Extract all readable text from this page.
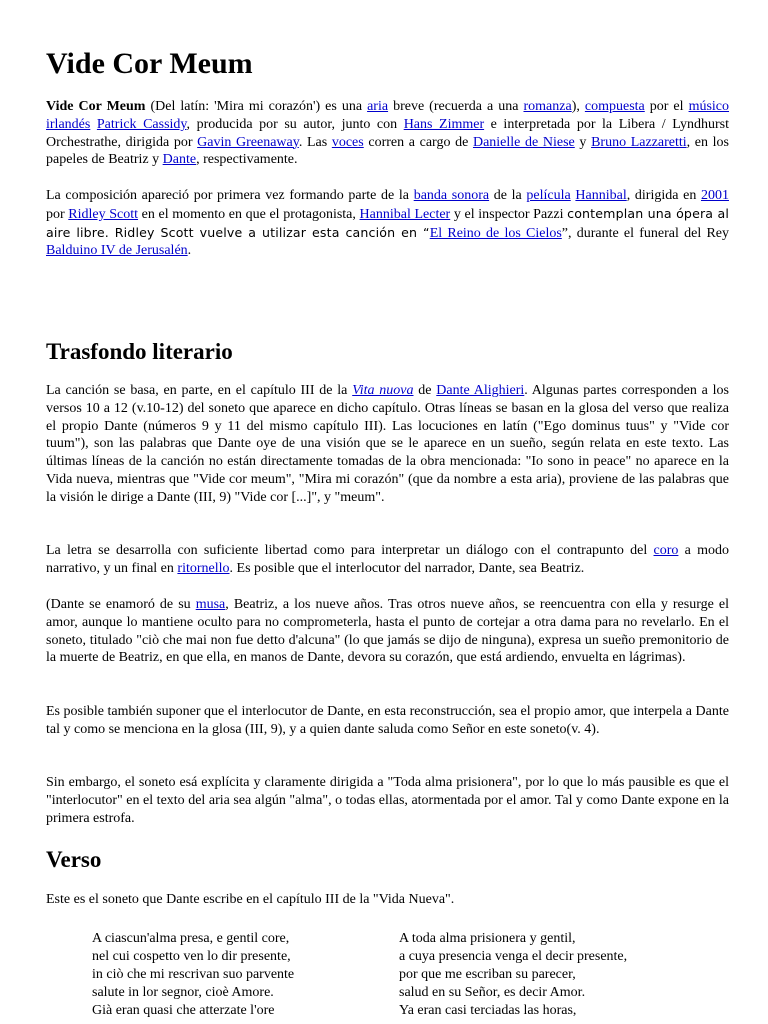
Vide Cor Meum

Vide Cor Meum (Del latín: 'Mira mi corazón') es una aria breve (recuerda a una romanza), compuesta por el músico irlandés Patrick Cassidy, producida por su autor, junto con Hans Zimmer e interpretada por la Libera / Lyndhurst Orchestrathe, dirigida por Gavin Greenaway. Las voces corren a cargo de Danielle de Niese y Bruno Lazzaretti, en los papeles de Beatriz y Dante, respectivamente.

La composición apareció por primera vez formando parte de la banda sonora de la película Hannibal, dirigida en 2001 por Ridley Scott en el momento en que el protagonista, Hannibal Lecter y el inspector Pazzi contemplan una ópera al aire libre. Ridley Scott vuelve a utilizar esta canción en “El Reino de los Cielos”, durante el funeral del Rey Balduino IV de Jerusalén.

Trasfondo literario

La canción se basa, en parte, en el capítulo III de la Vita nuova de Dante Alighieri. Algunas partes corresponden a los versos 10 a 12 (v.10-12) del soneto que aparece en dicho capítulo. Otras líneas se basan en la glosa del verso que realiza el propio Dante (números 9 y 11 del mismo capítulo III). Las locuciones en latín ("Ego dominus tuus" y "Vide cor tuum"), son las palabras que Dante oye de una visión que se le aparece en un sueño, según relata en este texto. Las últimas líneas de la canción no están directamente tomadas de la obra mencionada: "Io sono in peace" no aparece en la Vida nueva, mientras que "Vide cor meum", "Mira mi corazón" (que da nombre a esta aria), proviene de las palabras que la visión le dirige a Dante (III, 9) "Vide cor [...]", y "meum".

La letra se desarrolla con suficiente libertad como para interpretar un diálogo con el contrapunto del coro a modo narrativo, y un final en ritornello. Es posible que el interlocutor del narrador, Dante, sea Beatriz.

(Dante se enamoró de su musa, Beatriz, a los nueve años. Tras otros nueve años, se reencuentra con ella y resurge el amor, aunque lo mantiene oculto para no comprometerla, hasta el punto de cortejar a otra dama para no revelarlo. En el soneto, titulado "ciò che mai non fue detto d'alcuna" (lo que jamás se dijo de ninguna), expresa un sueño premonitorio de la muerte de Beatriz, en que ella, en manos de Dante, devora su corazón, que está ardiendo, envuelta en lágrimas).

Es posible también suponer que el interlocutor de Dante, en esta reconstrucción, sea el propio amor, que interpela a Dante tal y como se menciona en la glosa (III, 9), y a quien dante saluda como Señor en este soneto(v. 4).

Sin embargo, el soneto esá explícita y claramente dirigida a "Toda alma prisionera", por lo que lo más pausible es que el "interlocutor" en el texto del aria sea algún "alma", o todas ellas, atormentada por el amor. Tal y como Dante expone en la primera estrofa.

Verso

Este es el soneto que Dante escribe en el capítulo III de la "Vida Nueva".

A ciascun'alma presa, e gentil core,
nel cui cospetto ven lo dir presente,
in ciò che mi rescrivan suo parvente
salute in lor segnor, cioè Amore.
Già eran quasi che atterzate l'ore
A toda alma prisionera y gentil,
a cuya presencia venga el decir presente,
por que me escriban su parecer,
salud en su Señor, es decir Amor.
Ya eran casi terciadas las horas,
